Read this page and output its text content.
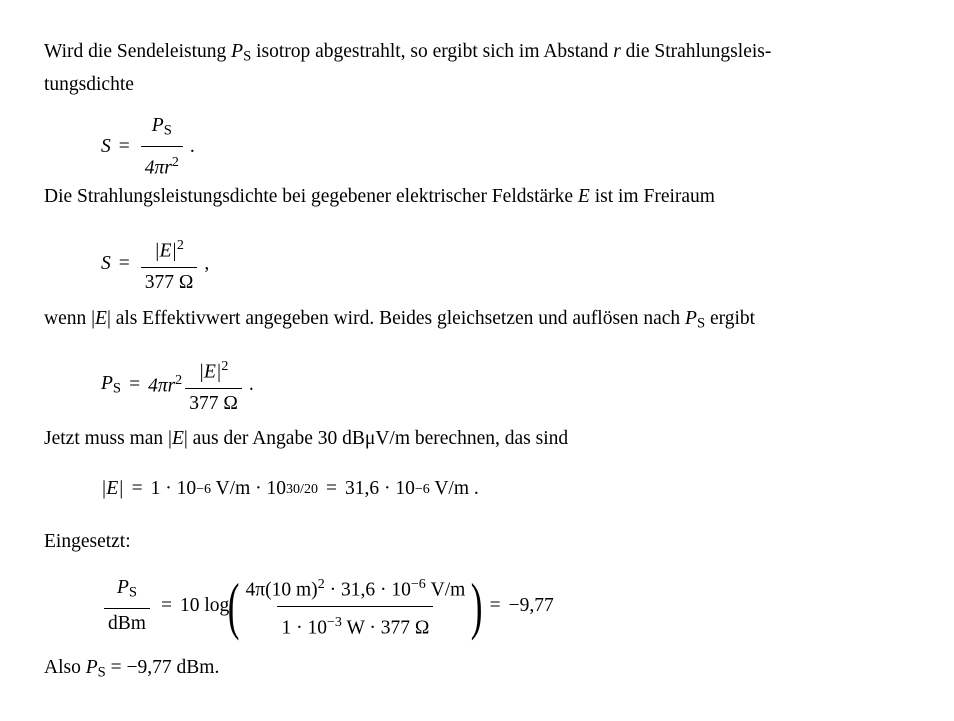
Wird die Sendeleistung $P_S$ isotrop abgestrahlt, so ergibt sich im Abstand r die Strahlungsleis-
tungsdichte
$S = \frac{P_S}{4\pi r^2}$ .
Die Strahlungsleistungsdichte bei gegebener elektrischer Feldstärke E ist im Freiraum
$S = \frac{|E|^2}{377 \Omega}$ ,
wenn |E| als Effektivwert angegeben wird. Beides gleichsetzen und auflösen nach $P_S$ ergibt
$P_S = 4\pi r^2 \frac{|E|^2}{377 \Omega}$ .
Jetzt muss man |E| aus der Angabe 30 dBμV/m berechnen, das sind
|E| = 1 · 10 −6 V/m · 10 30/20 = 31,6 · 10 −6 V/m .
Eingesetzt:
$\frac{P_S}{\text{dBm}} = 10$ log
( $\frac{4\pi(10 m)^2 \cdot 31,6 \cdot 10^{-6} V/m}{1 \cdot 10^{-3} W \cdot 377 \Omega}$ ) = −9,77
Also $P_S = -9,77$ dBm.
